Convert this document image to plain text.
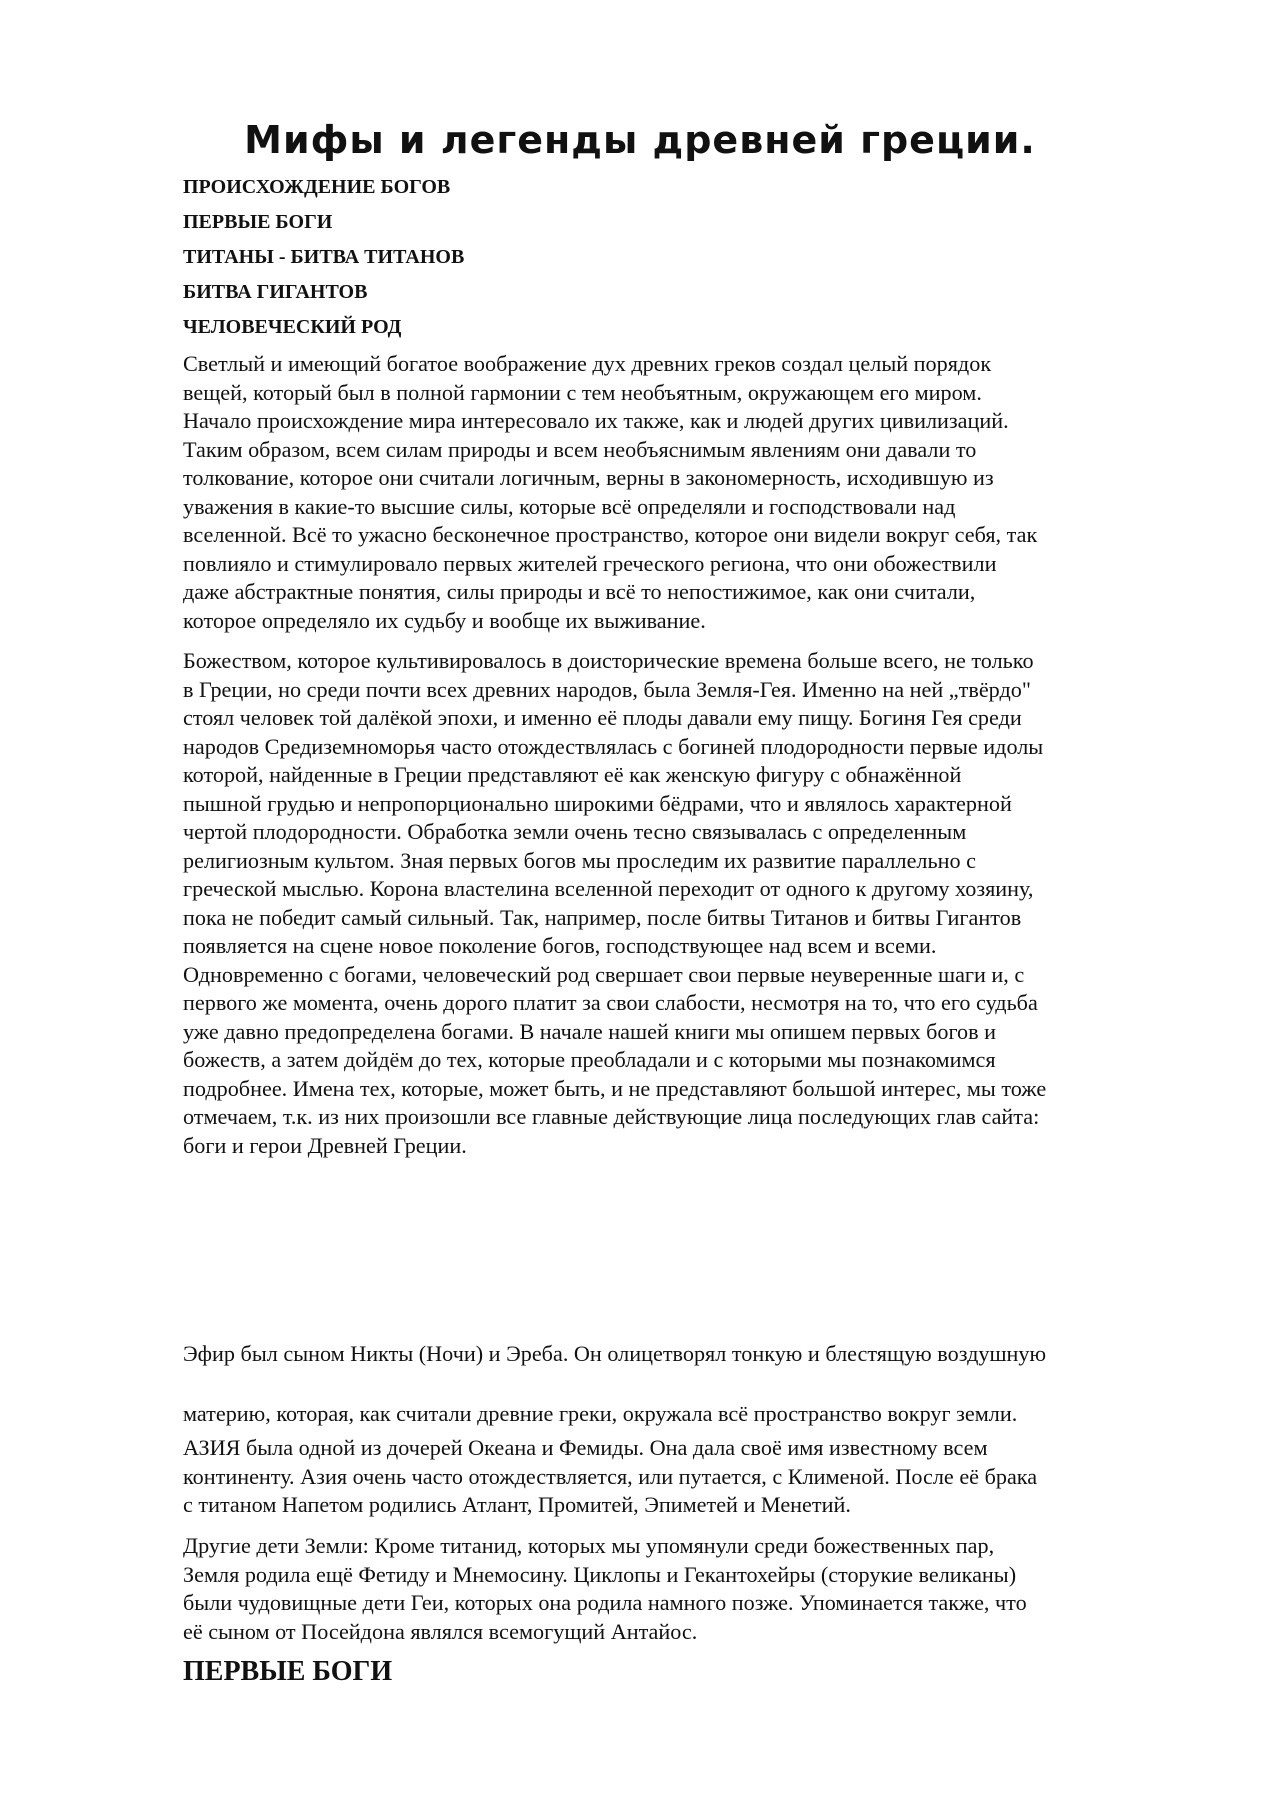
Мифы и легенды древней греции.
ПРОИСХОЖДЕНИЕ БОГОВ
ПЕРВЫЕ БОГИ
ТИТАНЫ - БИТВА ТИТАНОВ
БИТВА ГИГАНТОВ
ЧЕЛОВЕЧЕСКИЙ РОД

Светлый и имеющий богатое воображение дух древних греков создал целый порядок
вещей, который был в полной гармонии с тем необъятным, окружающем его миром.
Начало происхождение мира интересовало их также, как и людей других цивилизаций.
Таким образом, всем силам природы и всем необъяснимым явлениям они давали то
толкование, которое они считали логичным, верны в закономерность, исходившую из
уважения в какие-то высшие силы, которые всё определяли и господствовали над
вселенной. Всё то ужасно бесконечное пространство, которое они видели вокруг себя, так
повлияло и стимулировало первых жителей греческого региона, что они обожествили
даже абстрактные понятия, силы природы и всё то непостижимое, как они считали,
которое определяло их судьбу и вообще их выживание.

Божеством, которое культивировалось в доисторические времена больше всего, не только
в Греции, но среди почти всех древних народов, была Земля-Гея. Именно на ней „твёрдо"
стоял человек той далёкой эпохи, и именно её плоды давали ему пищу. Богиня Гея среди
народов Средиземноморья часто отождествлялась с богиней плодородности первые идолы
которой, найденные в Греции представляют её как женскую фигуру с обнажённой
пышной грудью и непропорционально широкими бёдрами, что и являлось характерной
чертой плодородности. Обработка земли очень тесно связывалась с определенным
религиозным культом. Зная первых богов мы проследим их развитие параллельно с
греческой мыслью. Корона властелина вселенной переходит от одного к другому хозяину,
пока не победит самый сильный. Так, например, после битвы Титанов и битвы Гигантов
появляется на сцене новое поколение богов, господствующее над всем и всеми.
Одновременно с богами, человеческий род свершает свои первые неуверенные шаги и, с
первого же момента, очень дорого платит за свои слабости, несмотря на то, что его судьба
уже давно предопределена богами. В начале нашей книги мы опишем первых богов и
божеств, а затем дойдём до тех, которые преобладали и с которыми мы познакомимся
подробнее. Имена тех, которые, может быть, и не представляют большой интерес, мы тоже
отмечаем, т.к. из них произошли все главные действующие лица последующих глав сайта:
боги и герои Древней Греции.

Эфир был сыном Никты (Ночи) и Эреба. Он олицетворял тонкую и блестящую воздушную

материю, которая, как считали древние греки, окружала всё пространство вокруг земли.

АЗИЯ была одной из дочерей Океана и Фемиды. Она дала своё имя известному всем
континенту. Азия очень часто отождествляется, или путается, с Клименой. После её брака
с титаном Напетом родились Атлант, Промитей, Эпиметей и Менетий.

Другие дети Земли: Кроме титанид, которых мы упомянули среди божественных пар,
Земля родила ещё Фетиду и Мнемосину. Циклопы и Гекантохейры (сторукие великаны)
были чудовищные дети Геи, которых она родила намного позже. Упоминается также, что
её сыном от Посейдона являлся всемогущий Антайос.

ПЕРВЫЕ БОГИ
